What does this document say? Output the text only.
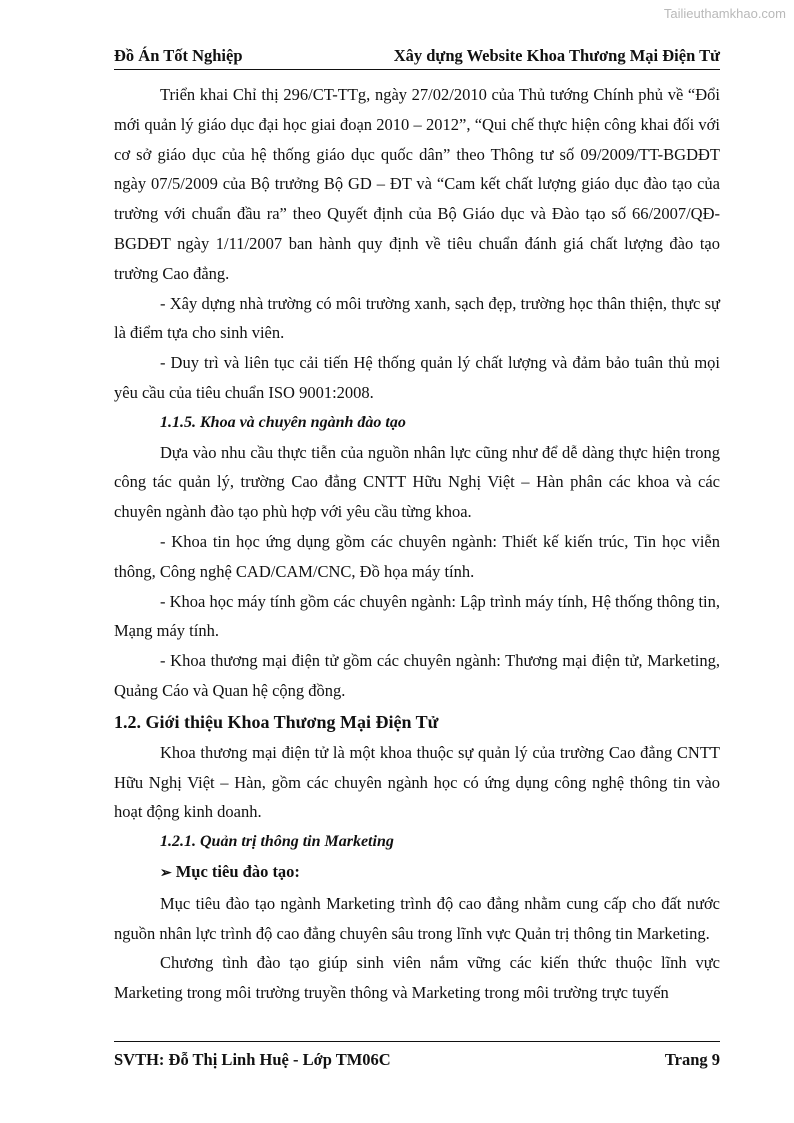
Tailieuthamkhao.com
Đồ Án Tốt Nghiệp	Xây dựng Website Khoa Thương Mại Điện Tử

Triển khai Chỉ thị 296/CT-TTg, ngày 27/02/2010 của Thủ tướng Chính phủ về “Đổi mới quản lý giáo dục đại học giai đoạn 2010 – 2012”, “Qui chế thực hiện công khai đối với cơ sở giáo dục của hệ thống giáo dục quốc dân” theo Thông tư số 09/2009/TT-BGDĐT ngày 07/5/2009 của Bộ trưởng Bộ GD – ĐT và “Cam kết chất lượng giáo dục đào tạo của trường với chuẩn đầu ra” theo Quyết định của Bộ Giáo dục và Đào tạo số 66/2007/QĐ-BGDĐT ngày 1/11/2007 ban hành quy định về tiêu chuẩn đánh giá chất lượng đào tạo trường Cao đẳng.

- Xây dựng nhà trường có môi trường xanh, sạch đẹp, trường học thân thiện, thực sự là điểm tựa cho sinh viên.

- Duy trì và liên tục cải tiến Hệ thống quản lý chất lượng và đảm bảo tuân thủ mọi yêu cầu của tiêu chuẩn ISO 9001:2008.

1.1.5. Khoa và chuyên ngành đào tạo

Dựa vào nhu cầu thực tiễn của nguồn nhân lực cũng như để dễ dàng thực hiện trong công tác quản lý, trường Cao đẳng CNTT Hữu Nghị Việt – Hàn phân các khoa và các chuyên ngành đào tạo phù hợp với yêu cầu từng khoa.

- Khoa tin học ứng dụng gồm các chuyên ngành: Thiết kế kiến trúc, Tin học viễn thông, Công nghệ CAD/CAM/CNC, Đồ họa máy tính.

- Khoa học máy tính gồm các chuyên ngành: Lập trình máy tính, Hệ thống thông tin, Mạng máy tính.

- Khoa thương mại điện tử gồm các chuyên ngành: Thương mại điện tử, Marketing, Quảng Cáo và Quan hệ cộng đồng.

1.2. Giới thiệu Khoa Thương Mại Điện Tử

Khoa thương mại điện tử là một khoa thuộc sự quản lý của trường Cao đẳng CNTT Hữu Nghị Việt – Hàn, gồm các chuyên ngành học có ứng dụng công nghệ thông tin vào hoạt động kinh doanh.

1.2.1. Quản trị thông tin Marketing

➢ Mục tiêu đào tạo:

Mục tiêu đào tạo ngành Marketing trình độ cao đẳng nhằm cung cấp cho đất nước nguồn nhân lực trình độ cao đẳng chuyên sâu trong lĩnh vực Quản trị thông tin Marketing.

Chương tình đào tạo giúp sinh viên nắm vững các kiến thức thuộc lĩnh vực Marketing trong môi trường truyền thông và Marketing trong môi trường trực tuyến

SVTH: Đỗ Thị Linh Huệ - Lớp TM06C	Trang 9
